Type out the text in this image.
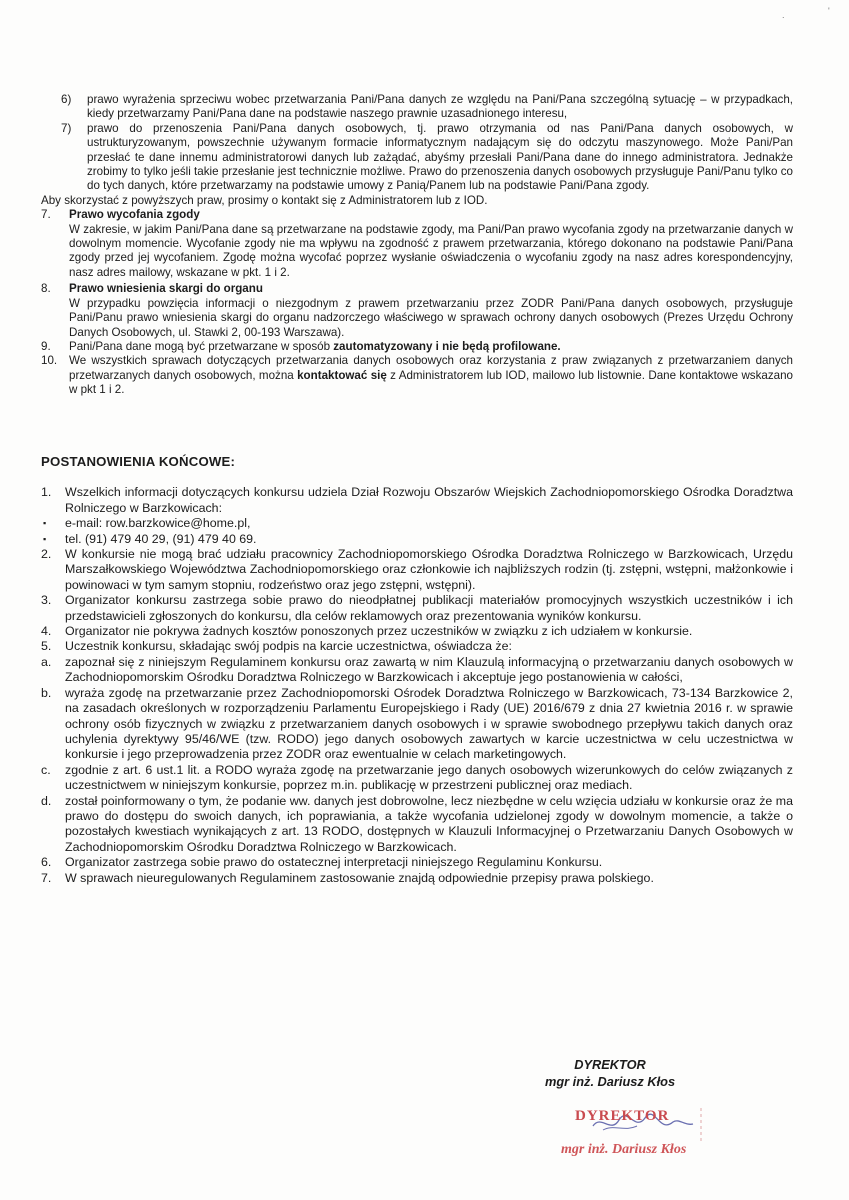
'
.
6) prawo wyrażenia sprzeciwu wobec przetwarzania Pani/Pana danych ze względu na Pani/Pana szczególną sytuację – w przypadkach, kiedy przetwarzamy Pani/Pana dane na podstawie naszego prawnie uzasadnionego interesu,
7) prawo do przenoszenia Pani/Pana danych osobowych, tj. prawo otrzymania od nas Pani/Pana danych osobowych, w ustrukturyzowanym, powszechnie używanym formacie informatycznym nadającym się do odczytu maszynowego. Może Pani/Pan przesłać te dane innemu administratorowi danych lub zażądać, abyśmy przesłali Pani/Pana dane do innego administratora. Jednakże zrobimy to tylko jeśli takie przesłanie jest technicznie możliwe. Prawo do przenoszenia danych osobowych przysługuje Pani/Panu tylko co do tych danych, które przetwarzamy na podstawie umowy z Panią/Panem lub na podstawie Pani/Pana zgody.
Aby skorzystać z powyższych praw, prosimy o kontakt się z Administratorem lub z IOD.
7. Prawo wycofania zgody
W zakresie, w jakim Pani/Pana dane są przetwarzane na podstawie zgody, ma Pani/Pan prawo wycofania zgody na przetwarzanie danych w dowolnym momencie. Wycofanie zgody nie ma wpływu na zgodność z prawem przetwarzania, którego dokonano na podstawie Pani/Pana zgody przed jej wycofaniem. Zgodę można wycofać poprzez wysłanie oświadczenia o wycofaniu zgody na nasz adres korespondencyjny, nasz adres mailowy, wskazane w pkt. 1 i 2.
8. Prawo wniesienia skargi do organu
W przypadku powzięcia informacji o niezgodnym z prawem przetwarzaniu przez ZODR Pani/Pana danych osobowych, przysługuje Pani/Panu prawo wniesienia skargi do organu nadzorczego właściwego w sprawach ochrony danych osobowych (Prezes Urzędu Ochrony Danych Osobowych, ul. Stawki 2, 00-193 Warszawa).
9. Pani/Pana dane mogą być przetwarzane w sposób zautomatyzowany i nie będą profilowane.
10. We wszystkich sprawach dotyczących przetwarzania danych osobowych oraz korzystania z praw związanych z przetwarzaniem danych przetwarzanych danych osobowych, można kontaktować się z Administratorem lub IOD, mailowo lub listownie. Dane kontaktowe wskazano w pkt 1 i 2.
POSTANOWIENIA KOŃCOWE:
1. Wszelkich informacji dotyczących konkursu udziela Dział Rozwoju Obszarów Wiejskich Zachodniopomorskiego Ośrodka Doradztwa Rolniczego w Barzkowicach:
▪ e-mail: row.barzkowice@home.pl,
▪ tel. (91) 479 40 29, (91) 479 40 69.
2. W konkursie nie mogą brać udziału pracownicy Zachodniopomorskiego Ośrodka Doradztwa Rolniczego w Barzkowicach, Urzędu Marszałkowskiego Województwa Zachodniopomorskiego oraz członkowie ich najbliższych rodzin (tj. zstępni, wstępni, małżonkowie i powinowaci w tym samym stopniu, rodzeństwo oraz jego zstępni, wstępni).
3. Organizator konkursu zastrzega sobie prawo do nieodpłatnej publikacji materiałów promocyjnych wszystkich uczestników i ich przedstawicieli zgłoszonych do konkursu, dla celów reklamowych oraz prezentowania wyników konkursu.
4. Organizator nie pokrywa żadnych kosztów ponoszonych przez uczestników w związku z ich udziałem w konkursie.
5. Uczestnik konkursu, składając swój podpis na karcie uczestnictwa, oświadcza że:
a. zapoznał się z niniejszym Regulaminem konkursu oraz zawartą w nim Klauzulą informacyjną o przetwarzaniu danych osobowych w Zachodniopomorskim Ośrodku Doradztwa Rolniczego w Barzkowicach i akceptuje jego postanowienia w całości,
b. wyraża zgodę na przetwarzanie przez Zachodniopomorski Ośrodek Doradztwa Rolniczego w Barzkowicach, 73-134 Barzkowice 2, na zasadach określonych w rozporządzeniu Parlamentu Europejskiego i Rady (UE) 2016/679 z dnia 27 kwietnia 2016 r. w sprawie ochrony osób fizycznych w związku z przetwarzaniem danych osobowych i w sprawie swobodnego przepływu takich danych oraz uchylenia dyrektywy 95/46/WE (tzw. RODO) jego danych osobowych zawartych w karcie uczestnictwa w celu uczestnictwa w konkursie i jego przeprowadzenia przez ZODR oraz ewentualnie w celach marketingowych.
c. zgodnie z art. 6 ust.1 lit. a RODO wyraża zgodę na przetwarzanie jego danych osobowych wizerunkowych do celów związanych z uczestnictwem w niniejszym konkursie, poprzez m.in. publikację w przestrzeni publicznej oraz mediach.
d. został poinformowany o tym, że podanie ww. danych jest dobrowolne, lecz niezbędne w celu wzięcia udziału w konkursie oraz że ma prawo do dostępu do swoich danych, ich poprawiania, a także wycofania udzielonej zgody w dowolnym momencie, a także o pozostałych kwestiach wynikających z art. 13 RODO, dostępnych w Klauzuli Informacyjnej o Przetwarzaniu Danych Osobowych w Zachodniopomorskim Ośrodku Doradztwa Rolniczego w Barzkowicach.
6. Organizator zastrzega sobie prawo do ostatecznej interpretacji niniejszego Regulaminu Konkursu.
7. W sprawach nieuregulowanych Regulaminem zastosowanie znajdą odpowiednie przepisy prawa polskiego.
DYREKTOR
mgr inż. Dariusz Kłos
DYREKTOR
mgr inż. Dariusz Kłos
